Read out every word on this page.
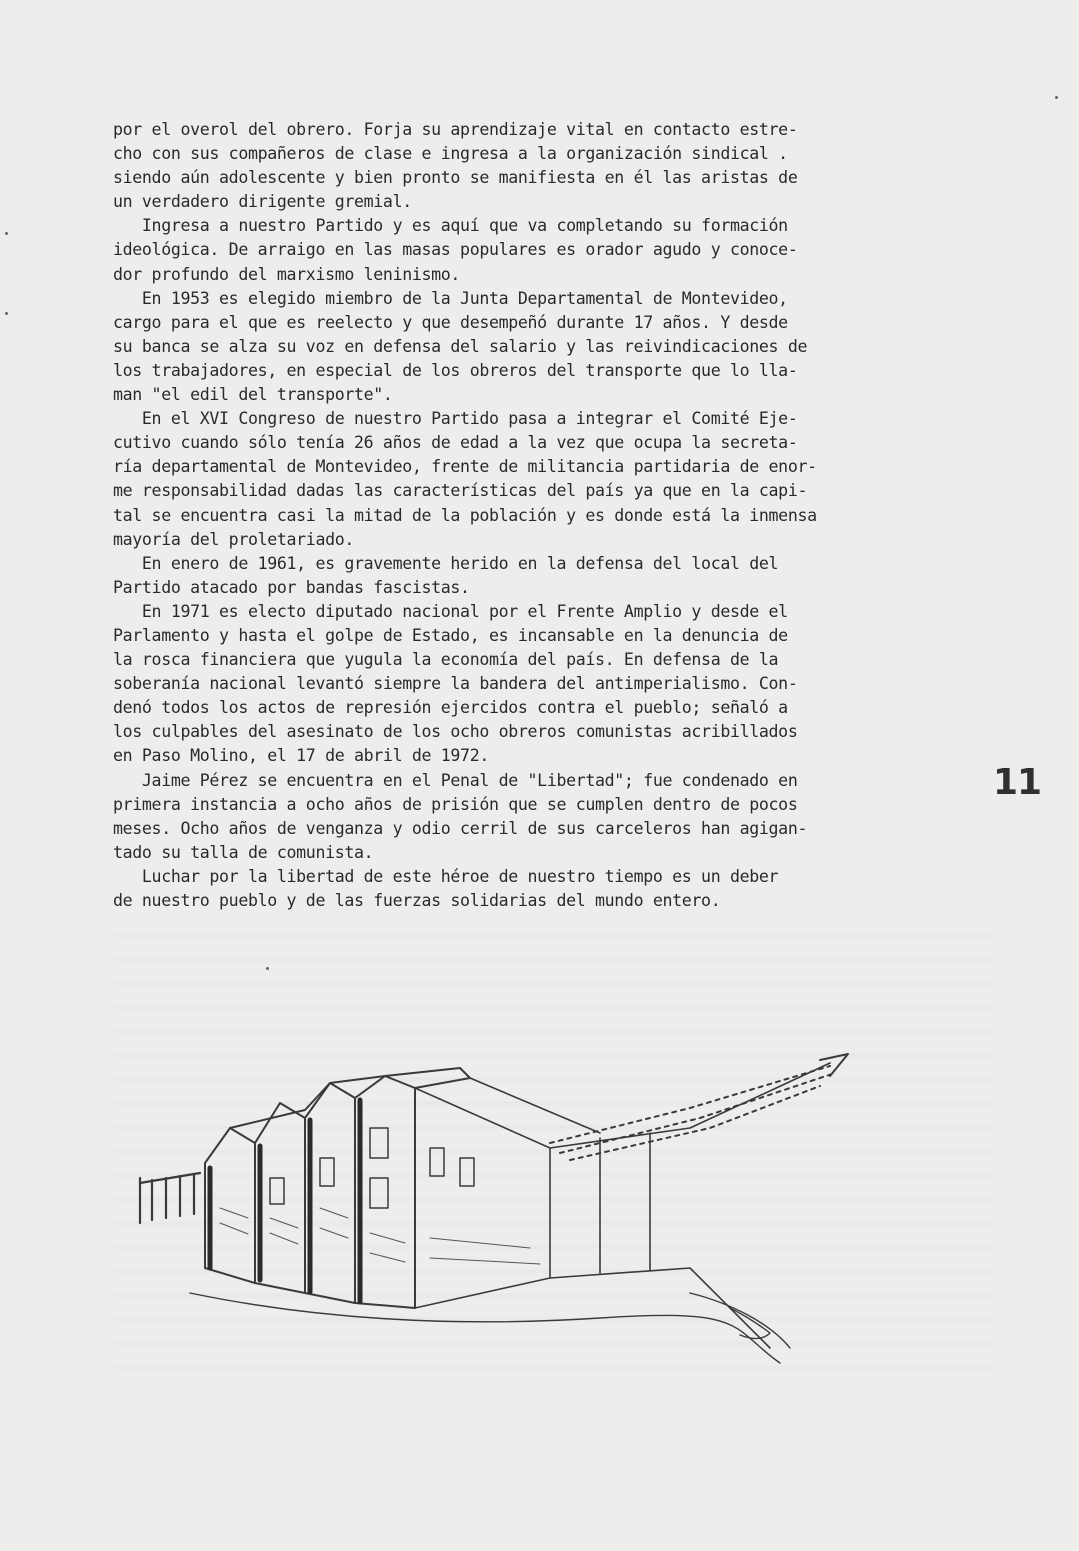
por el overol del obrero. Forja su aprendizaje vital en contacto estre-
cho con sus compañeros de clase e ingresa a la organización sindical .
siendo aún adolescente y bien pronto se manifiesta en él las aristas de
un verdadero dirigente gremial.
Ingresa a nuestro Partido y es aquí que va completando su formación
ideológica. De arraigo en las masas populares es orador agudo y conoce-
dor profundo del marxismo leninismo.
En 1953 es elegido miembro de la Junta Departamental de Montevideo,
cargo para el que es reelecto y que desempeñó durante 17 años. Y desde
su banca se alza su voz en defensa del salario y las reivindicaciones de
los trabajadores, en especial de los obreros del transporte que lo lla-
man "el edil del transporte".
En el XVI Congreso de nuestro Partido pasa a integrar el Comité Eje-
cutivo cuando sólo tenía 26 años de edad a la vez que ocupa la secreta-
ría departamental de Montevideo, frente de militancia partidaria de enor-
me responsabilidad dadas las características del país ya que en la capi-
tal se encuentra casi la mitad de la población y es donde está la inmensa
mayoría del proletariado.
En enero de 1961, es gravemente herido en la defensa del local del
Partido atacado por bandas fascistas.
En 1971 es electo diputado nacional por el Frente Amplio y desde el
Parlamento y hasta el golpe de Estado, es incansable en la denuncia de
la rosca financiera que yugula la economía del país. En defensa de la
soberanía nacional levantó siempre la bandera del antimperialismo. Con-
denó todos los actos de represión ejercidos contra el pueblo; señaló a
los culpables del asesinato de los ocho obreros comunistas acribillados
en Paso Molino, el 17 de abril de 1972.
Jaime Pérez se encuentra en el Penal de "Libertad"; fue condenado en
primera instancia a ocho años de prisión que se cumplen dentro de pocos
meses. Ocho años de venganza y odio cerril de sus carceleros han agigan-
tado su talla de comunista.
Luchar por la libertad de este héroe de nuestro tiempo es un deber
de nuestro pueblo y de las fuerzas solidarias del mundo entero.
11
